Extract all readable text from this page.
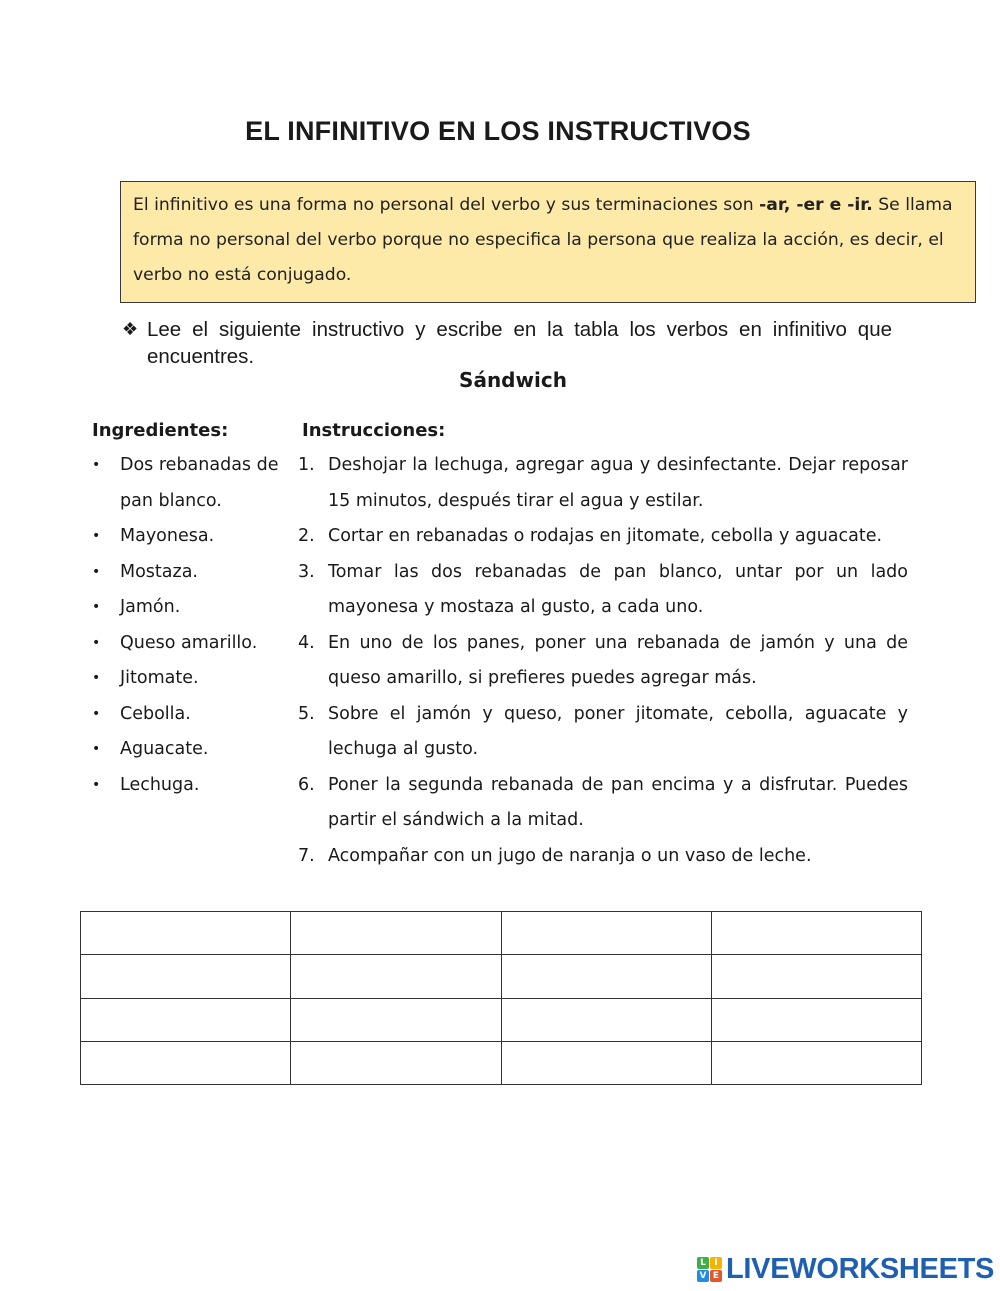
EL INFINITIVO EN LOS INSTRUCTIVOS
El infinitivo es una forma no personal del verbo y sus terminaciones son -ar, -er e -ir. Se llama forma no personal del verbo porque no especifica la persona que realiza la acción, es decir, el verbo no está conjugado.
❖ Lee el siguiente instructivo y escribe en la tabla los verbos en infinitivo que encuentres.
Sándwich
Ingredientes:	Instrucciones:
• Dos rebanadas de pan blanco.
• Mayonesa.
• Mostaza.
• Jamón.
• Queso amarillo.
• Jitomate.
• Cebolla.
• Aguacate.
• Lechuga.
1. Deshojar la lechuga, agregar agua y desinfectante. Dejar reposar 15 minutos, después tirar el agua y estilar.
2. Cortar en rebanadas o rodajas en jitomate, cebolla y aguacate.
3. Tomar las dos rebanadas de pan blanco, untar por un lado mayonesa y mostaza al gusto, a cada uno.
4. En uno de los panes, poner una rebanada de jamón y una de queso amarillo, si prefieres puedes agregar más.
5. Sobre el jamón y queso, poner jitomate, cebolla, aguacate y lechuga al gusto.
6. Poner la segunda rebanada de pan encima y a disfrutar. Puedes partir el sándwich a la mitad.
7. Acompañar con un jugo de naranja o un vaso de leche.

L I
V E LIVEWORKSHEETS
